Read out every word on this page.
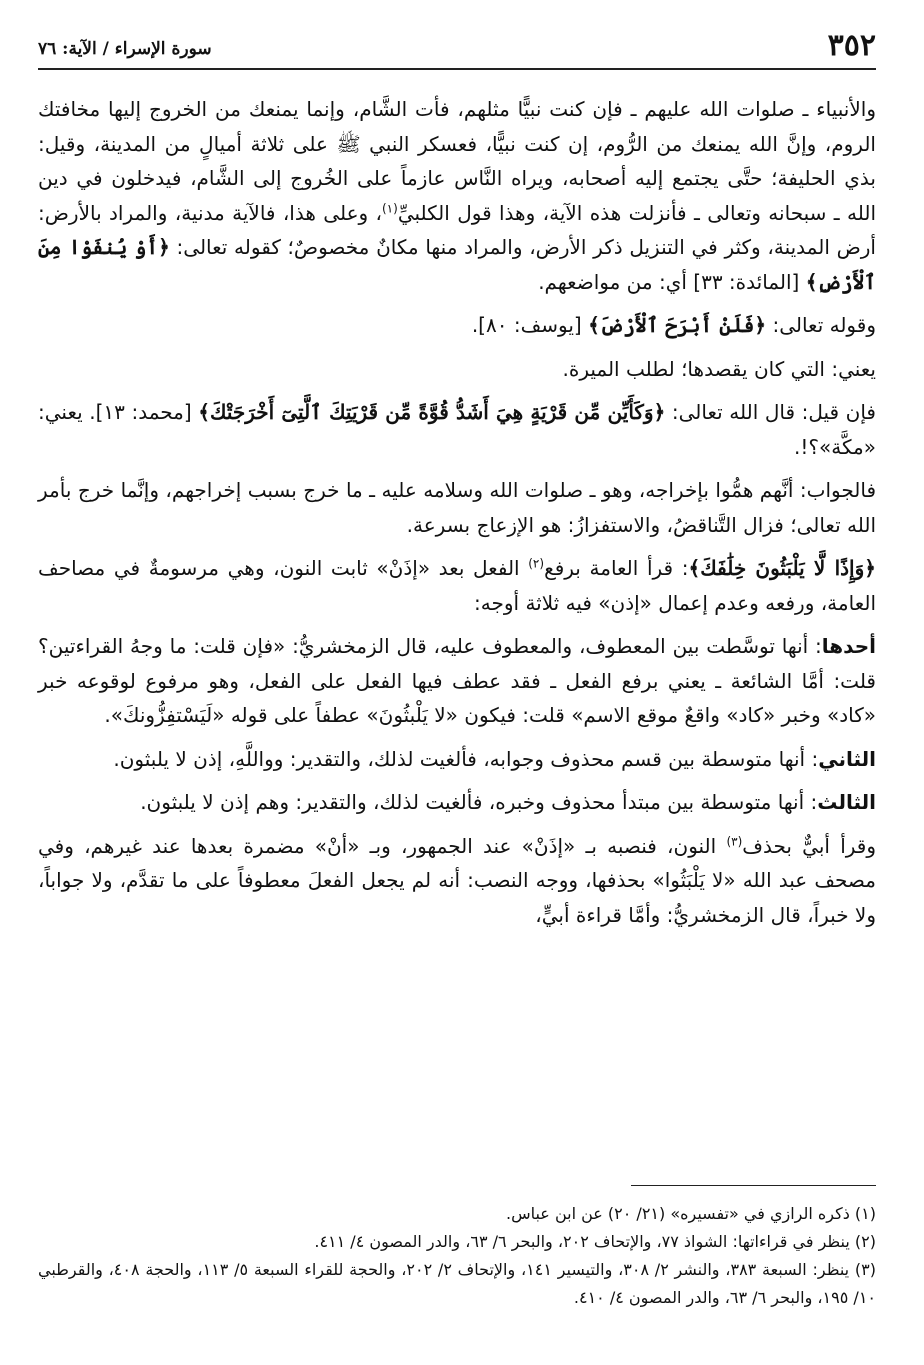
٣٥٢
سورة الإسراء / الآية: ٧٦

والأنبياء ـ صلوات الله عليهم ـ فإن كنت نبيًّا مثلهم، فأت الشَّام، وإنما يمنعك من الخروج إليها مخافتك الروم، وإنَّ الله يمنعك من الرُّوم، إن كنت نبيًّا، فعسكر النبي ﷺ على ثلاثة أميالٍ من المدينة، وقيل: بذي الحليفة؛ حتَّى يجتمع إليه أصحابه، ويراه النَّاس عازماً على الخُروج إلى الشَّام، فيدخلون في دين الله ـ سبحانه وتعالى ـ فأنزلت هذه الآية، وهذا قول الكلبيِّ$^{(١)}$، وعلى هذا، فالآية مدنية، والمراد بالأرض: أرض المدينة، وكثر في التنزيل ذكر الأرض، والمراد منها مكانٌ مخصوصٌ؛ كقوله تعالى: ﴿أَوْ يُنفَوْا مِنَ ٱلْأَرْضِ﴾ [المائدة: ٣٣] أي: من مواضعهم.

وقوله تعالى: ﴿فَلَنْ أَبْرَحَ ٱلْأَرْضَ﴾ [يوسف: ٨٠].

يعني: التي كان يقصدها؛ لطلب الميرة.

فإن قيل: قال الله تعالى: ﴿وَكَأَيِّن مِّن قَرْيَةٍ هِيَ أَشَدُّ قُوَّةً مِّن قَرْيَتِكَ ٱلَّتِىٓ أَخْرَجَتْكَ﴾ [محمد: ١٣]. يعني: «مكَّة»؟!.

فالجواب: أنَّهم همُّوا بإخراجه، وهو ـ صلوات الله وسلامه عليه ـ ما خرج بسبب إخراجهم، وإنَّما خرج بأمر الله تعالى؛ فزال التَّناقضُ، والاستفزازُ: هو الإزعاج بسرعة.

﴿وَإِذًا لَّا يَلْبَثُونَ خِلَٰفَكَ﴾: قرأ العامة برفع$^{(٢)}$ الفعل بعد «إذَنْ» ثابت النون، وهي مرسومةٌ في مصاحف العامة، ورفعه وعدم إعمال «إذن» فيه ثلاثة أوجه:

أحدها: أنها توسَّطت بين المعطوف، والمعطوف عليه، قال الزمخشريُّ: «فإن قلت: ما وجهُ القراءتين؟ قلت: أمَّا الشائعة ـ يعني برفع الفعل ـ فقد عطف فيها الفعل على الفعل، وهو مرفوع لوقوعه خبر «كاد» وخبر «كاد» واقعٌ موقع الاسم» قلت: فيكون «لا يَلْبثُونَ» عطفاً على قوله «لَيَسْتفِزُّونكَ».

الثاني: أنها متوسطة بين قسم محذوف وجوابه، فألغيت لذلك، والتقدير: وواللَّهِ، إذن لا يلبثون.

الثالث: أنها متوسطة بين مبتدأ محذوف وخبره، فألغيت لذلك، والتقدير: وهم إذن لا يلبثون.

وقرأ أبيٌّ بحذف$^{(٣)}$ النون، فنصبه بـ «إذَنْ» عند الجمهور، وبـ «أنْ» مضمرة بعدها عند غيرهم، وفي مصحف عبد الله «لا يَلْبَثُوا» بحذفها، ووجه النصب: أنه لم يجعل الفعلَ معطوفاً على ما تقدَّم، ولا جواباً، ولا خبراً، قال الزمخشريُّ: وأمَّا قراءة أبيٍّ،

(١) ذكره الرازي في «تفسيره» (٢١/ ٢٠) عن ابن عباس.

(٢) ينظر في قراءاتها: الشواذ ٧٧، والإتحاف ٢٠٢، والبحر ٦/ ٦٣، والدر المصون ٤/ ٤١١.

(٣) ينظر: السبعة ٣٨٣، والنشر ٢/ ٣٠٨، والتيسير ١٤١، والإتحاف ٢/ ٢٠٢، والحجة للقراء السبعة ٥/ ١١٣، والحجة ٤٠٨، والقرطبي ١٠/ ١٩٥، والبحر ٦/ ٦٣، والدر المصون ٤/ ٤١٠.
